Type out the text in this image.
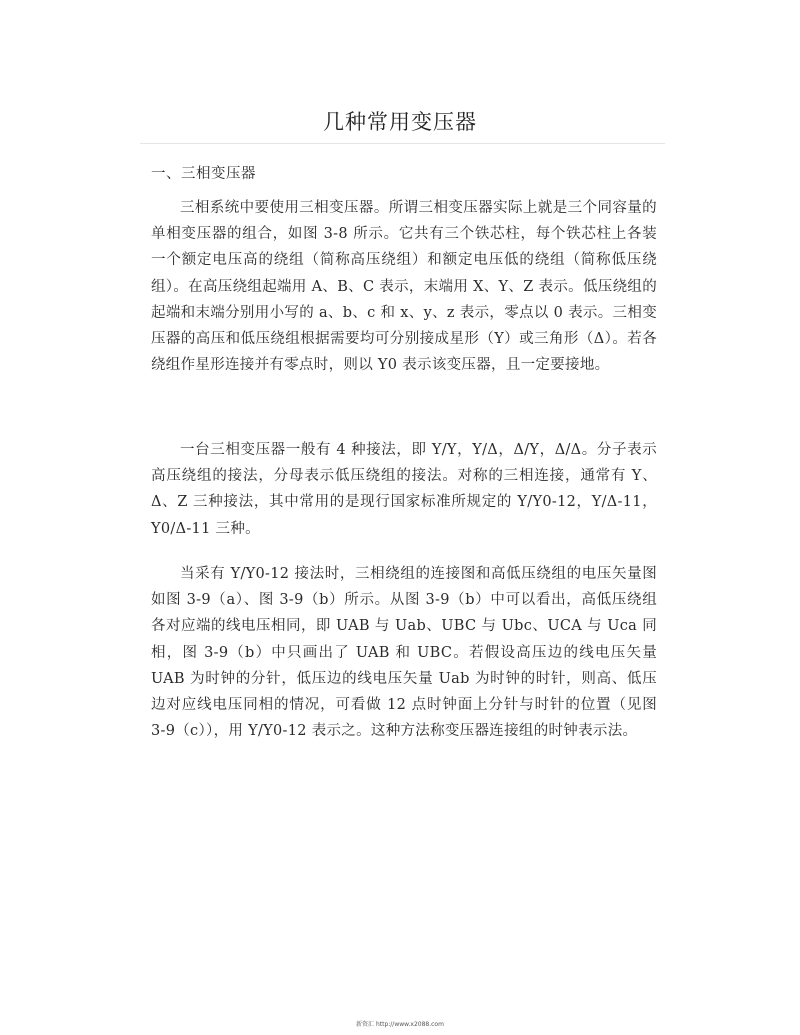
几种常用变压器
一、三相变压器

三相系统中要使用三相变压器。所谓三相变压器实际上就是三个同容量的单相变压器的组合，如图 3-8 所示。它共有三个铁芯柱，每个铁芯柱上各装一个额定电压高的绕组（简称高压绕组）和额定电压低的绕组（简称低压绕组）。在高压绕组起端用 A、B、C 表示，末端用 X、Y、Z 表示。低压绕组的起端和末端分别用小写的 a、b、c 和 x、y、z 表示，零点以 0 表示。三相变压器的高压和低压绕组根据需要均可分别接成星形（Y）或三角形（Δ）。若各绕组作星形连接并有零点时，则以 Y0 表示该变压器，且一定要接地。

一台三相变压器一般有 4 种接法，即 Y/Y，Y/Δ，Δ/Y，Δ/Δ。分子表示高压绕组的接法，分母表示低压绕组的接法。对称的三相连接，通常有 Y、Δ、Z 三种接法，其中常用的是现行国家标准所规定的 Y/Y0-12，Y/Δ-11，Y0/Δ-11 三种。

当采有 Y/Y0-12 接法时，三相绕组的连接图和高低压绕组的电压矢量图如图 3-9（a）、图 3-9（b）所示。从图 3-9（b）中可以看出，高低压绕组各对应端的线电压相同，即 UAB 与 Uab、UBC 与 Ubc、UCA 与 Uca 同相，图 3-9（b）中只画出了 UAB 和 UBC。若假设高压边的线电压矢量 UAB 为时钟的分针，低压边的线电压矢量 Uab 为时钟的时针，则高、低压边对应线电压同相的情况，可看做 12 点时钟面上分针与时针的位置（见图 3-9（c）），用 Y/Y0-12 表示之。这种方法称变压器连接组的时钟表示法。

新资汇 http://www.x2088.com
